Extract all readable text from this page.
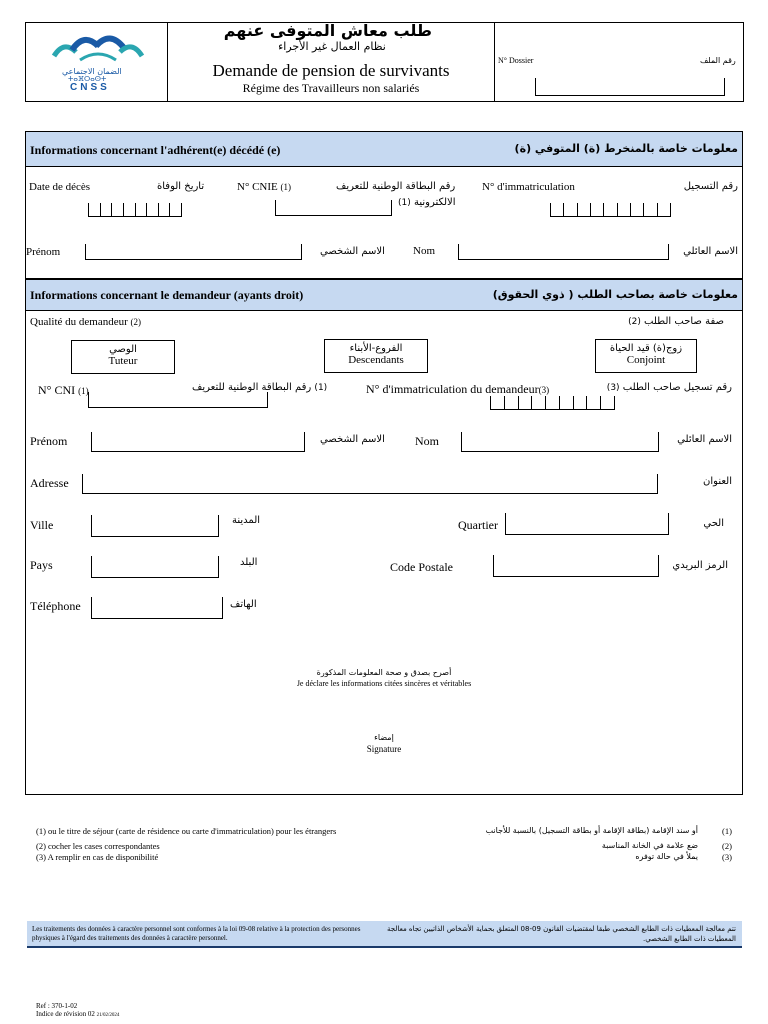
الضمان الاجتماعي
ⵜⴰⴼⵔⴰⵙⵜ
CNSS
طلب معاش المتوفى عنهم
نظام العمال غير الأجراء
Demande de pension de survivants
Régime des Travailleurs non salariés
N° Dossier	رقم الملف
Informations concernant l'adhérent(e) décédé (e)	معلومات خاصة بالمنخرط (ة) المتوفي (ة)
Date de décès	تاريخ الوفاة	N° CNIE (1)	رقم البطاقة الوطنية للتعريف
الالكترونية (1)
N° d'immatriculation	رقم التسجيل
Prénom	الاسم الشخصي	Nom	الاسم العائلي
Informations concernant le demandeur (ayants droit)	معلومات خاصة بصاحب الطلب ( ذوي الحقوق)
Qualité du demandeur (2)	صفة صاحب الطلب (2)
الوصي
Tuteur
الفروع-الأبناء
Descendants
زوج(ة) قيد الحياة
Conjoint
N° CNI (1)	(1) رقم البطاقة الوطنية للتعريف	N° d'immatriculation du demandeur(3)	رقم تسجيل صاحب الطلب (3)
Prénom	الاسم الشخصي	Nom	الاسم العائلي
Adresse	العنوان
Ville	المدينة	Quartier	الحي
Pays	البلد	Code Postale	الرمز البريدي
Téléphone	الهاتف
أصرح بصدق و صحة المعلومات المذكورة
Je déclare les informations citées sincères et véritables
إمضاء
Signature
(1) ou le titre de séjour (carte de résidence ou carte d'immatriculation) pour les étrangers
(2) cocher les cases correspondantes
(3) A remplir en cas de disponibilité
أو سند الإقامة (بطاقة الإقامة أو بطاقة التسجيل) بالنسبة للأجانب
ضع علامة في الخانة المناسبة
يملأ في حالة توفره
(1)
(2)
(3)
Les traitements des données à caractère personnel sont conformes à la loi 09-08 relative à la protection des personnes physiques à l'égard des traitements des données à caractère personnel.
تتم معالجة المعطيات ذات الطابع الشخصي طبقا لمقتضيات القانون 09-08 المتعلق بحماية الأشخاص الذاتيين تجاه معالجة المعطيات ذات الطابع الشخصي.
Ref : 370-1-02
Indice de révision 02 21/02/2024
